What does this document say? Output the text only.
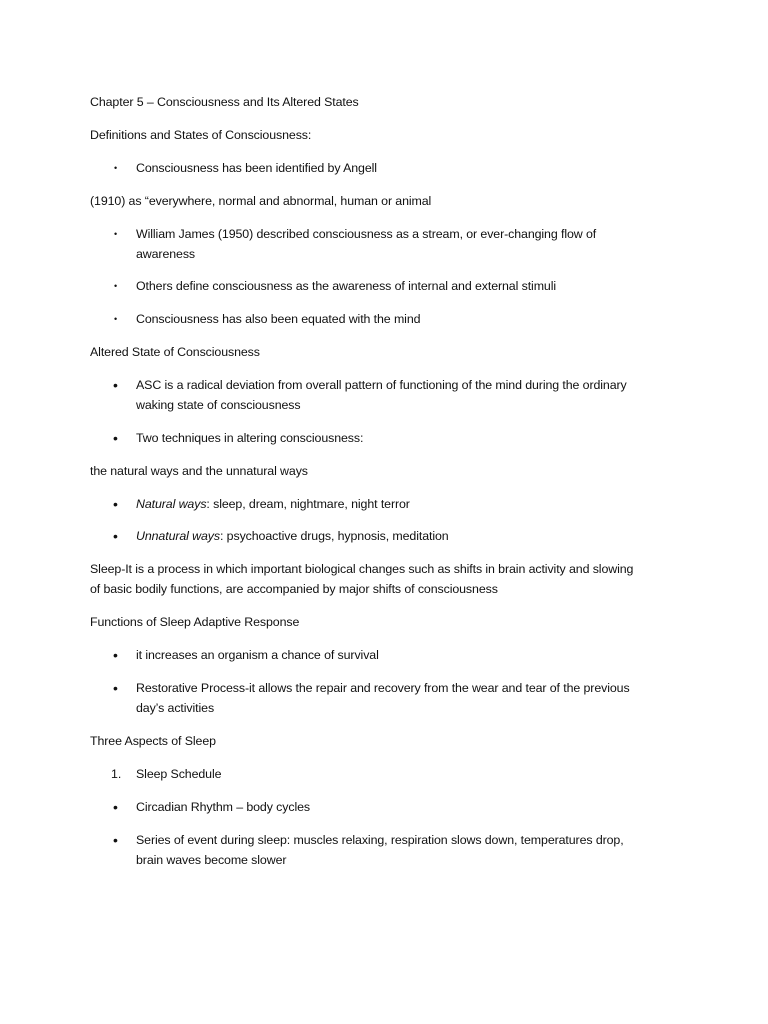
Chapter 5 – Consciousness and Its Altered States
Definitions and States of Consciousness:
• Consciousness has been identified by Angell
(1910) as “everywhere, normal and abnormal, human or animal
• William James (1950) described consciousness as a stream, or ever-changing flow of
awareness
• Others define consciousness as the awareness of internal and external stimuli
• Consciousness has also been equated with the mind
Altered State of Consciousness
• ASC is a radical deviation from overall pattern of functioning of the mind during the ordinary
waking state of consciousness
• Two techniques in altering consciousness:
the natural ways and the unnatural ways
• Natural ways: sleep, dream, nightmare, night terror
• Unnatural ways: psychoactive drugs, hypnosis, meditation
Sleep-It is a process in which important biological changes such as shifts in brain activity and slowing
of basic bodily functions, are accompanied by major shifts of consciousness
Functions of Sleep Adaptive Response
• it increases an organism a chance of survival
• Restorative Process-it allows the repair and recovery from the wear and tear of the previous
day’s activities
Three Aspects of Sleep
1. Sleep Schedule
• Circadian Rhythm – body cycles
• Series of event during sleep: muscles relaxing, respiration slows down, temperatures drop,
brain waves become slower
